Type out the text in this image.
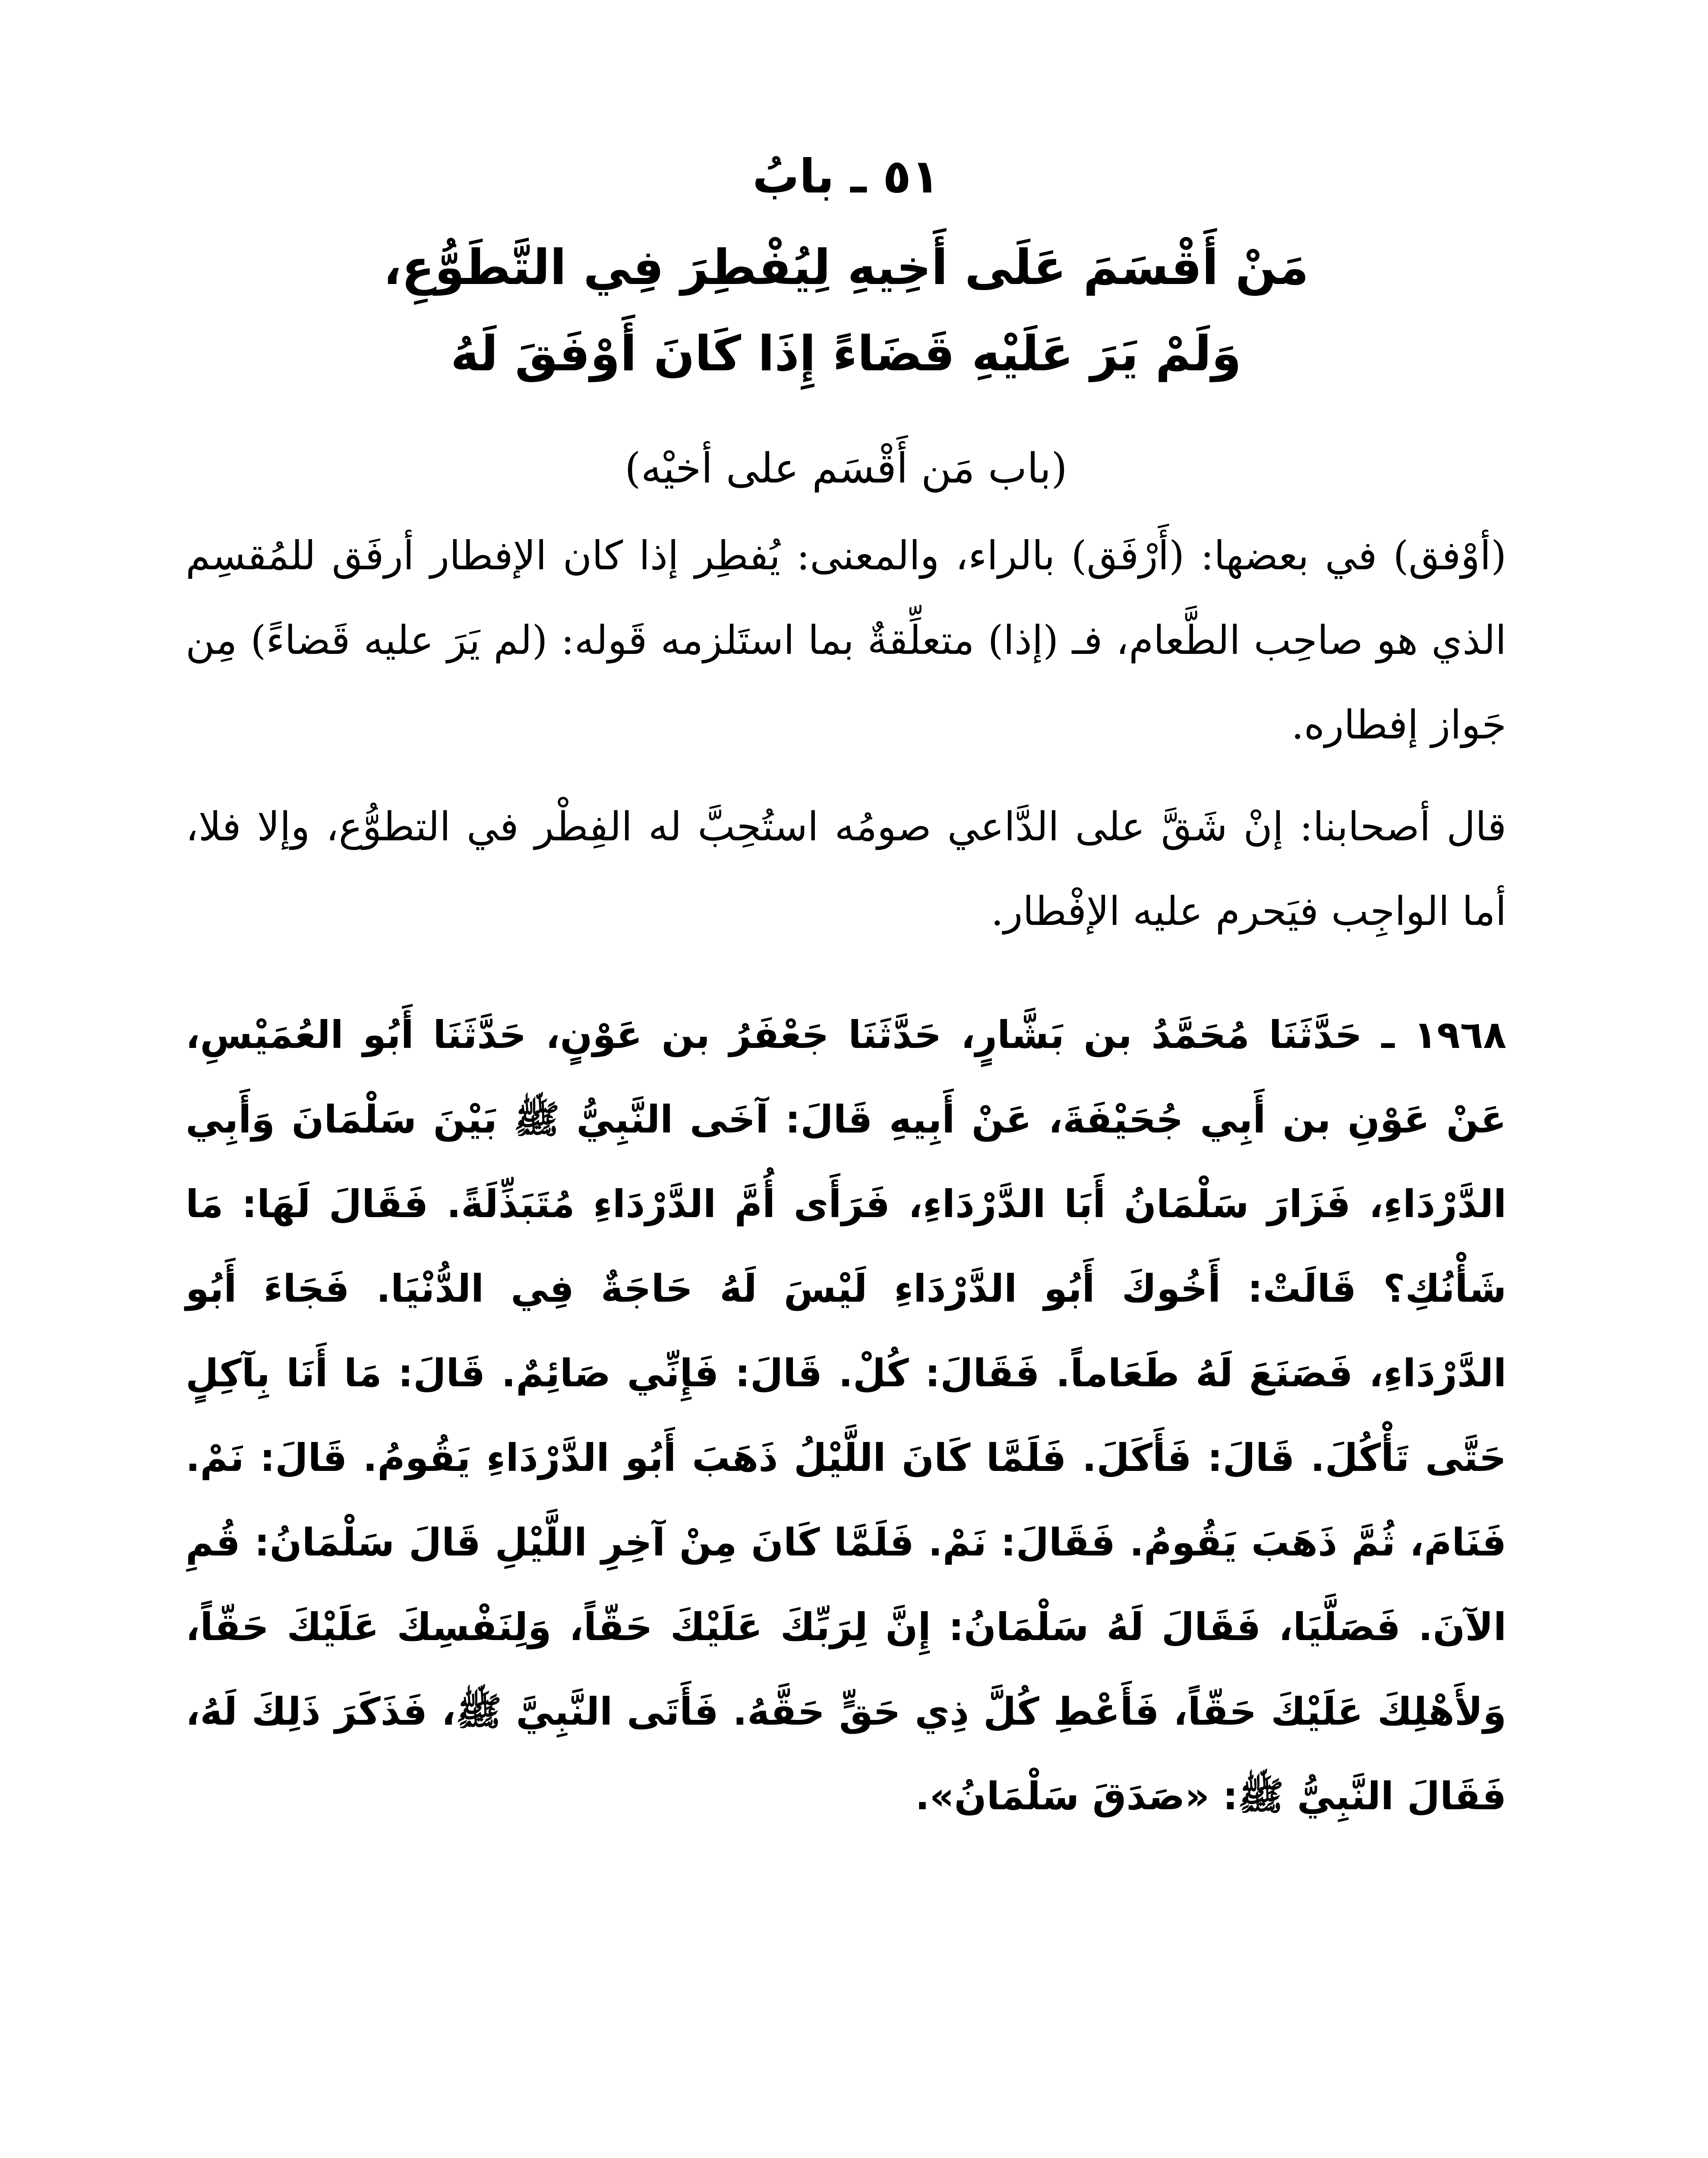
٥١ ـ بابُ
مَنْ أَقْسَمَ عَلَى أَخِيهِ لِيُفْطِرَ فِي التَّطَوُّعِ،
وَلَمْ يَرَ عَلَيْهِ قَضَاءً إِذَا كَانَ أَوْفَقَ لَهُ
(باب مَن أَقْسَم على أخيْه)

(أوْفق) في بعضها: (أَرْفَق) بالراء، والمعنى: يُفطِر إذا كان الإفطار أرفَق للمُقسِم الذي هو صاحِب الطَّعام، فـ (إذا) متعلِّقةٌ بما استَلزمه قَوله: (لم يَرَ عليه قَضاءً) مِن جَواز إفطاره.

قال أصحابنا: إنْ شَقَّ على الدَّاعي صومُه استُحِبَّ له الفِطْر في التطوُّع، وإلا فلا، أما الواجِب فيَحرم عليه الإفْطار.

١٩٦٨ ـ حَدَّثَنَا مُحَمَّدُ بن بَشَّارٍ، حَدَّثَنَا جَعْفَرُ بن عَوْنٍ، حَدَّثَنَا أَبُو العُمَيْسِ، عَنْ عَوْنِ بن أَبِي جُحَيْفَةَ، عَنْ أَبِيهِ قَالَ: آخَى النَّبِيُّ ﷺ بَيْنَ سَلْمَانَ وَأَبِي الدَّرْدَاءِ، فَزَارَ سَلْمَانُ أَبَا الدَّرْدَاءِ، فَرَأَى أُمَّ الدَّرْدَاءِ مُتَبَذِّلَةً. فَقَالَ لَهَا: مَا شَأْنُكِ؟ قَالَتْ: أَخُوكَ أَبُو الدَّرْدَاءِ لَيْسَ لَهُ حَاجَةٌ فِي الدُّنْيَا. فَجَاءَ أَبُو الدَّرْدَاءِ، فَصَنَعَ لَهُ طَعَاماً. فَقَالَ: كُلْ. قَالَ: فَإِنِّي صَائِمٌ. قَالَ: مَا أَنَا بِآكِلٍ حَتَّى تَأْكُلَ. قَالَ: فَأَكَلَ. فَلَمَّا كَانَ اللَّيْلُ ذَهَبَ أَبُو الدَّرْدَاءِ يَقُومُ. قَالَ: نَمْ. فَنَامَ، ثُمَّ ذَهَبَ يَقُومُ. فَقَالَ: نَمْ. فَلَمَّا كَانَ مِنْ آخِرِ اللَّيْلِ قَالَ سَلْمَانُ: قُمِ الآنَ. فَصَلَّيَا، فَقَالَ لَهُ سَلْمَانُ: إِنَّ لِرَبِّكَ عَلَيْكَ حَقّاً، وَلِنَفْسِكَ عَلَيْكَ حَقّاً، وَلأَهْلِكَ عَلَيْكَ حَقّاً، فَأَعْطِ كُلَّ ذِي حَقٍّ حَقَّهُ. فَأَتَى النَّبِيَّ ﷺ، فَذَكَرَ ذَلِكَ لَهُ، فَقَالَ النَّبِيُّ ﷺ: «صَدَقَ سَلْمَانُ».
